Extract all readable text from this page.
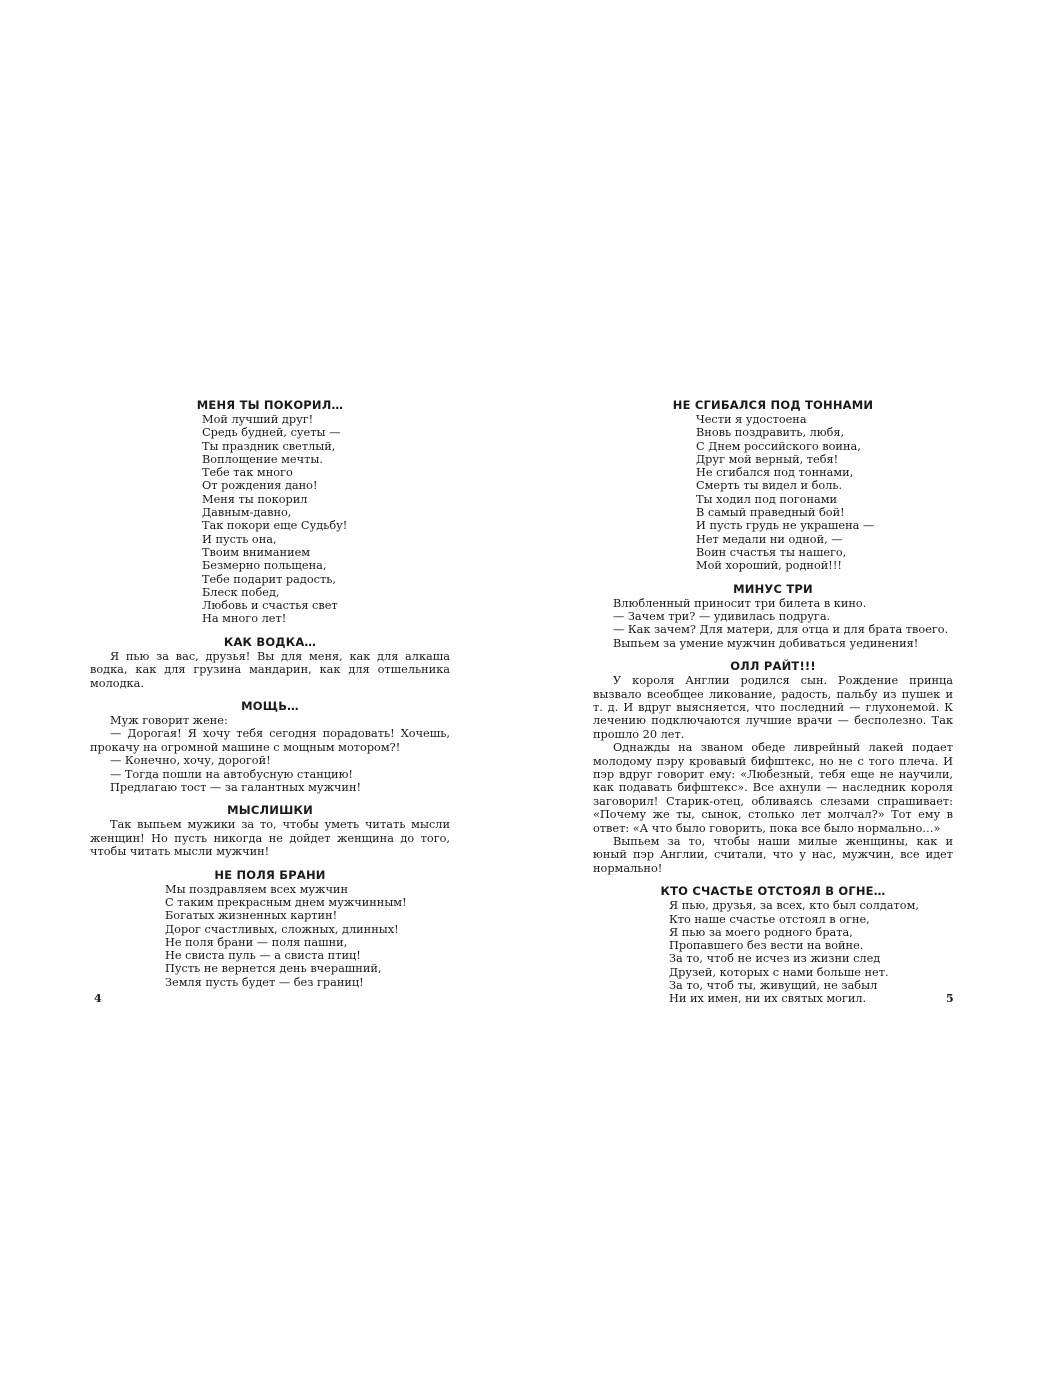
МЕНЯ ТЫ ПОКОРИЛ…
Мой лучший друг!
Средь будней, суеты —
Ты праздник светлый,
Воплощение мечты.
Тебе так много
От рождения дано!
Меня ты покорил
Давным-давно,
Так покори еще Судьбу!
И пусть она,
Твоим вниманием
Безмерно польщена,
Тебе подарит радость,
Блеск побед,
Любовь и счастья свет
На много лет!
КАК ВОДКА…

Я пью за вас, друзья! Вы для меня, как для алкаша водка, как для грузина мандарин, как для отшельника молодка.

МОЩЬ…

Муж говорит жене:

— Дорогая! Я хочу тебя сегодня порадовать! Хочешь, прокачу на огромной машине с мощным мотором?!

— Конечно, хочу, дорогой!

— Тогда пошли на автобусную станцию!

Предлагаю тост — за галантных мужчин!

МЫСЛИШКИ

Так выпьем мужики за то, чтобы уметь читать мысли женщин! Но пусть никогда не дойдет женщина до того, чтобы читать мысли мужчин!

НЕ ПОЛЯ БРАНИ
Мы поздравляем всех мужчин
С таким прекрасным днем мужчинным!
Богатых жизненных картин!
Дорог счастливых, сложных, длинных!
Не поля брани — поля пашни,
Не свиста пуль — а свиста птиц!
Пусть не вернется день вчерашний,
Земля пусть будет — без границ!
НЕ СГИБАЛСЯ ПОД ТОННАМИ
Чести я удостоена
Вновь поздравить, любя,
С Днем российского воина,
Друг мой верный, тебя!
Не сгибался под тоннами,
Смерть ты видел и боль.
Ты ходил под погонами
В самый праведный бой!
И пусть грудь не украшена —
Нет медали ни одной, —
Воин счастья ты нашего,
Мой хороший, родной!!!
МИНУС ТРИ

Влюбленный приносит три билета в кино.

— Зачем три? — удивилась подруга.

— Как зачем? Для матери, для отца и для брата твоего.

Выпьем за умение мужчин добиваться уединения!

ОЛЛ РАЙТ!!!

У короля Англии родился сын. Рождение принца вызвало всеобщее ликование, радость, пальбу из пушек и т. д. И вдруг выясняется, что последний — глухонемой. К лечению подключаются лучшие врачи — бесполезно. Так прошло 20 лет.

Однажды на званом обеде ливрейный лакей подает молодому пэру кровавый бифштекс, но не с того плеча. И пэр вдруг говорит ему: «Любезный, тебя еще не научили, как подавать бифштекс». Все ахнули — наследник короля заговорил! Старик-отец, обливаясь слезами спрашивает: «Почему же ты, сынок, столько лет молчал?» Тот ему в ответ: «А что было говорить, пока все было нормально…»

Выпьем за то, чтобы наши милые женщины, как и юный пэр Англии, считали, что у нас, мужчин, все идет нормально!

КТО СЧАСТЬЕ ОТСТОЯЛ В ОГНЕ…
Я пью, друзья, за всех, кто был солдатом,
Кто наше счастье отстоял в огне,
Я пью за моего родного брата,
Пропавшего без вести на войне.
За то, чтоб не исчез из жизни след
Друзей, которых с нами больше нет.
За то, чтоб ты, живущий, не забыл
Ни их имен, ни их святых могил.
4	5
